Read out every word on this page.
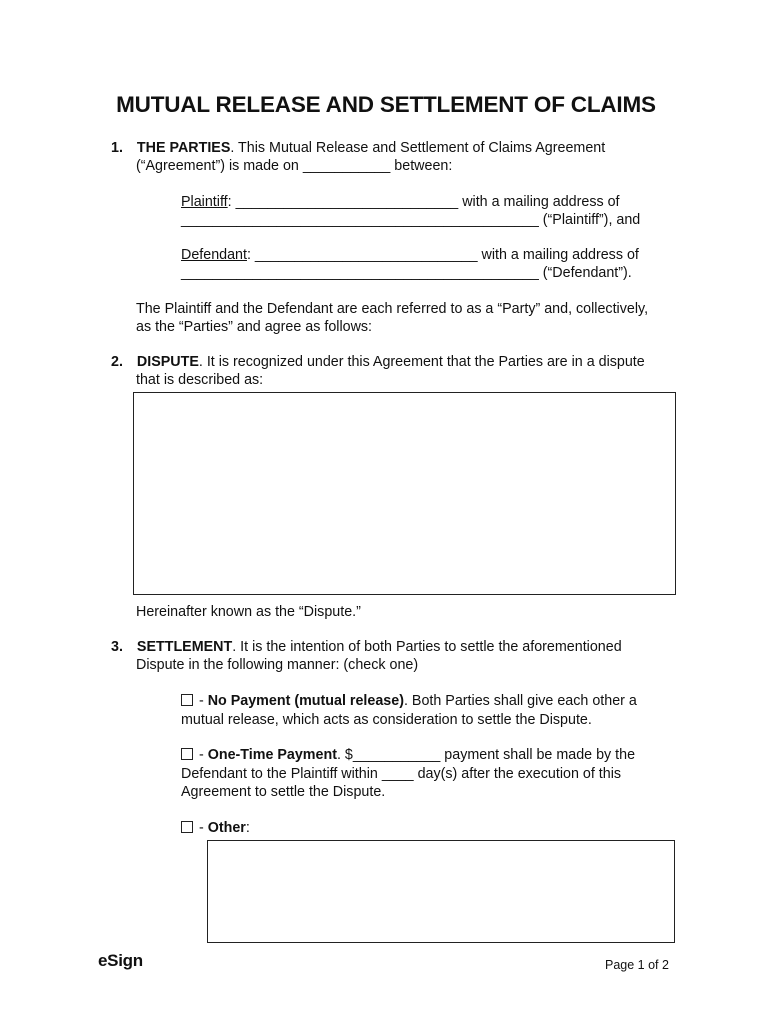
MUTUAL RELEASE AND SETTLEMENT OF CLAIMS
1. THE PARTIES. This Mutual Release and Settlement of Claims Agreement
(“Agreement”) is made on ___________ between:
Plaintiff: ____________________________ with a mailing address of
_____________________________________________ (“Plaintiff”), and
Defendant: ____________________________ with a mailing address of
_____________________________________________ (“Defendant”).
The Plaintiff and the Defendant are each referred to as a “Party” and, collectively,
as the “Parties” and agree as follows:
2. DISPUTE. It is recognized under this Agreement that the Parties are in a dispute
that is described as:
Hereinafter known as the “Dispute.”
3. SETTLEMENT. It is the intention of both Parties to settle the aforementioned
Dispute in the following manner: (check one)
- No Payment (mutual release). Both Parties shall give each other a
mutual release, which acts as consideration to settle the Dispute.
- One-Time Payment. $___________ payment shall be made by the
Defendant to the Plaintiff within ____ day(s) after the execution of this
Agreement to settle the Dispute.
- Other:
eSign	Page 1 of 2
